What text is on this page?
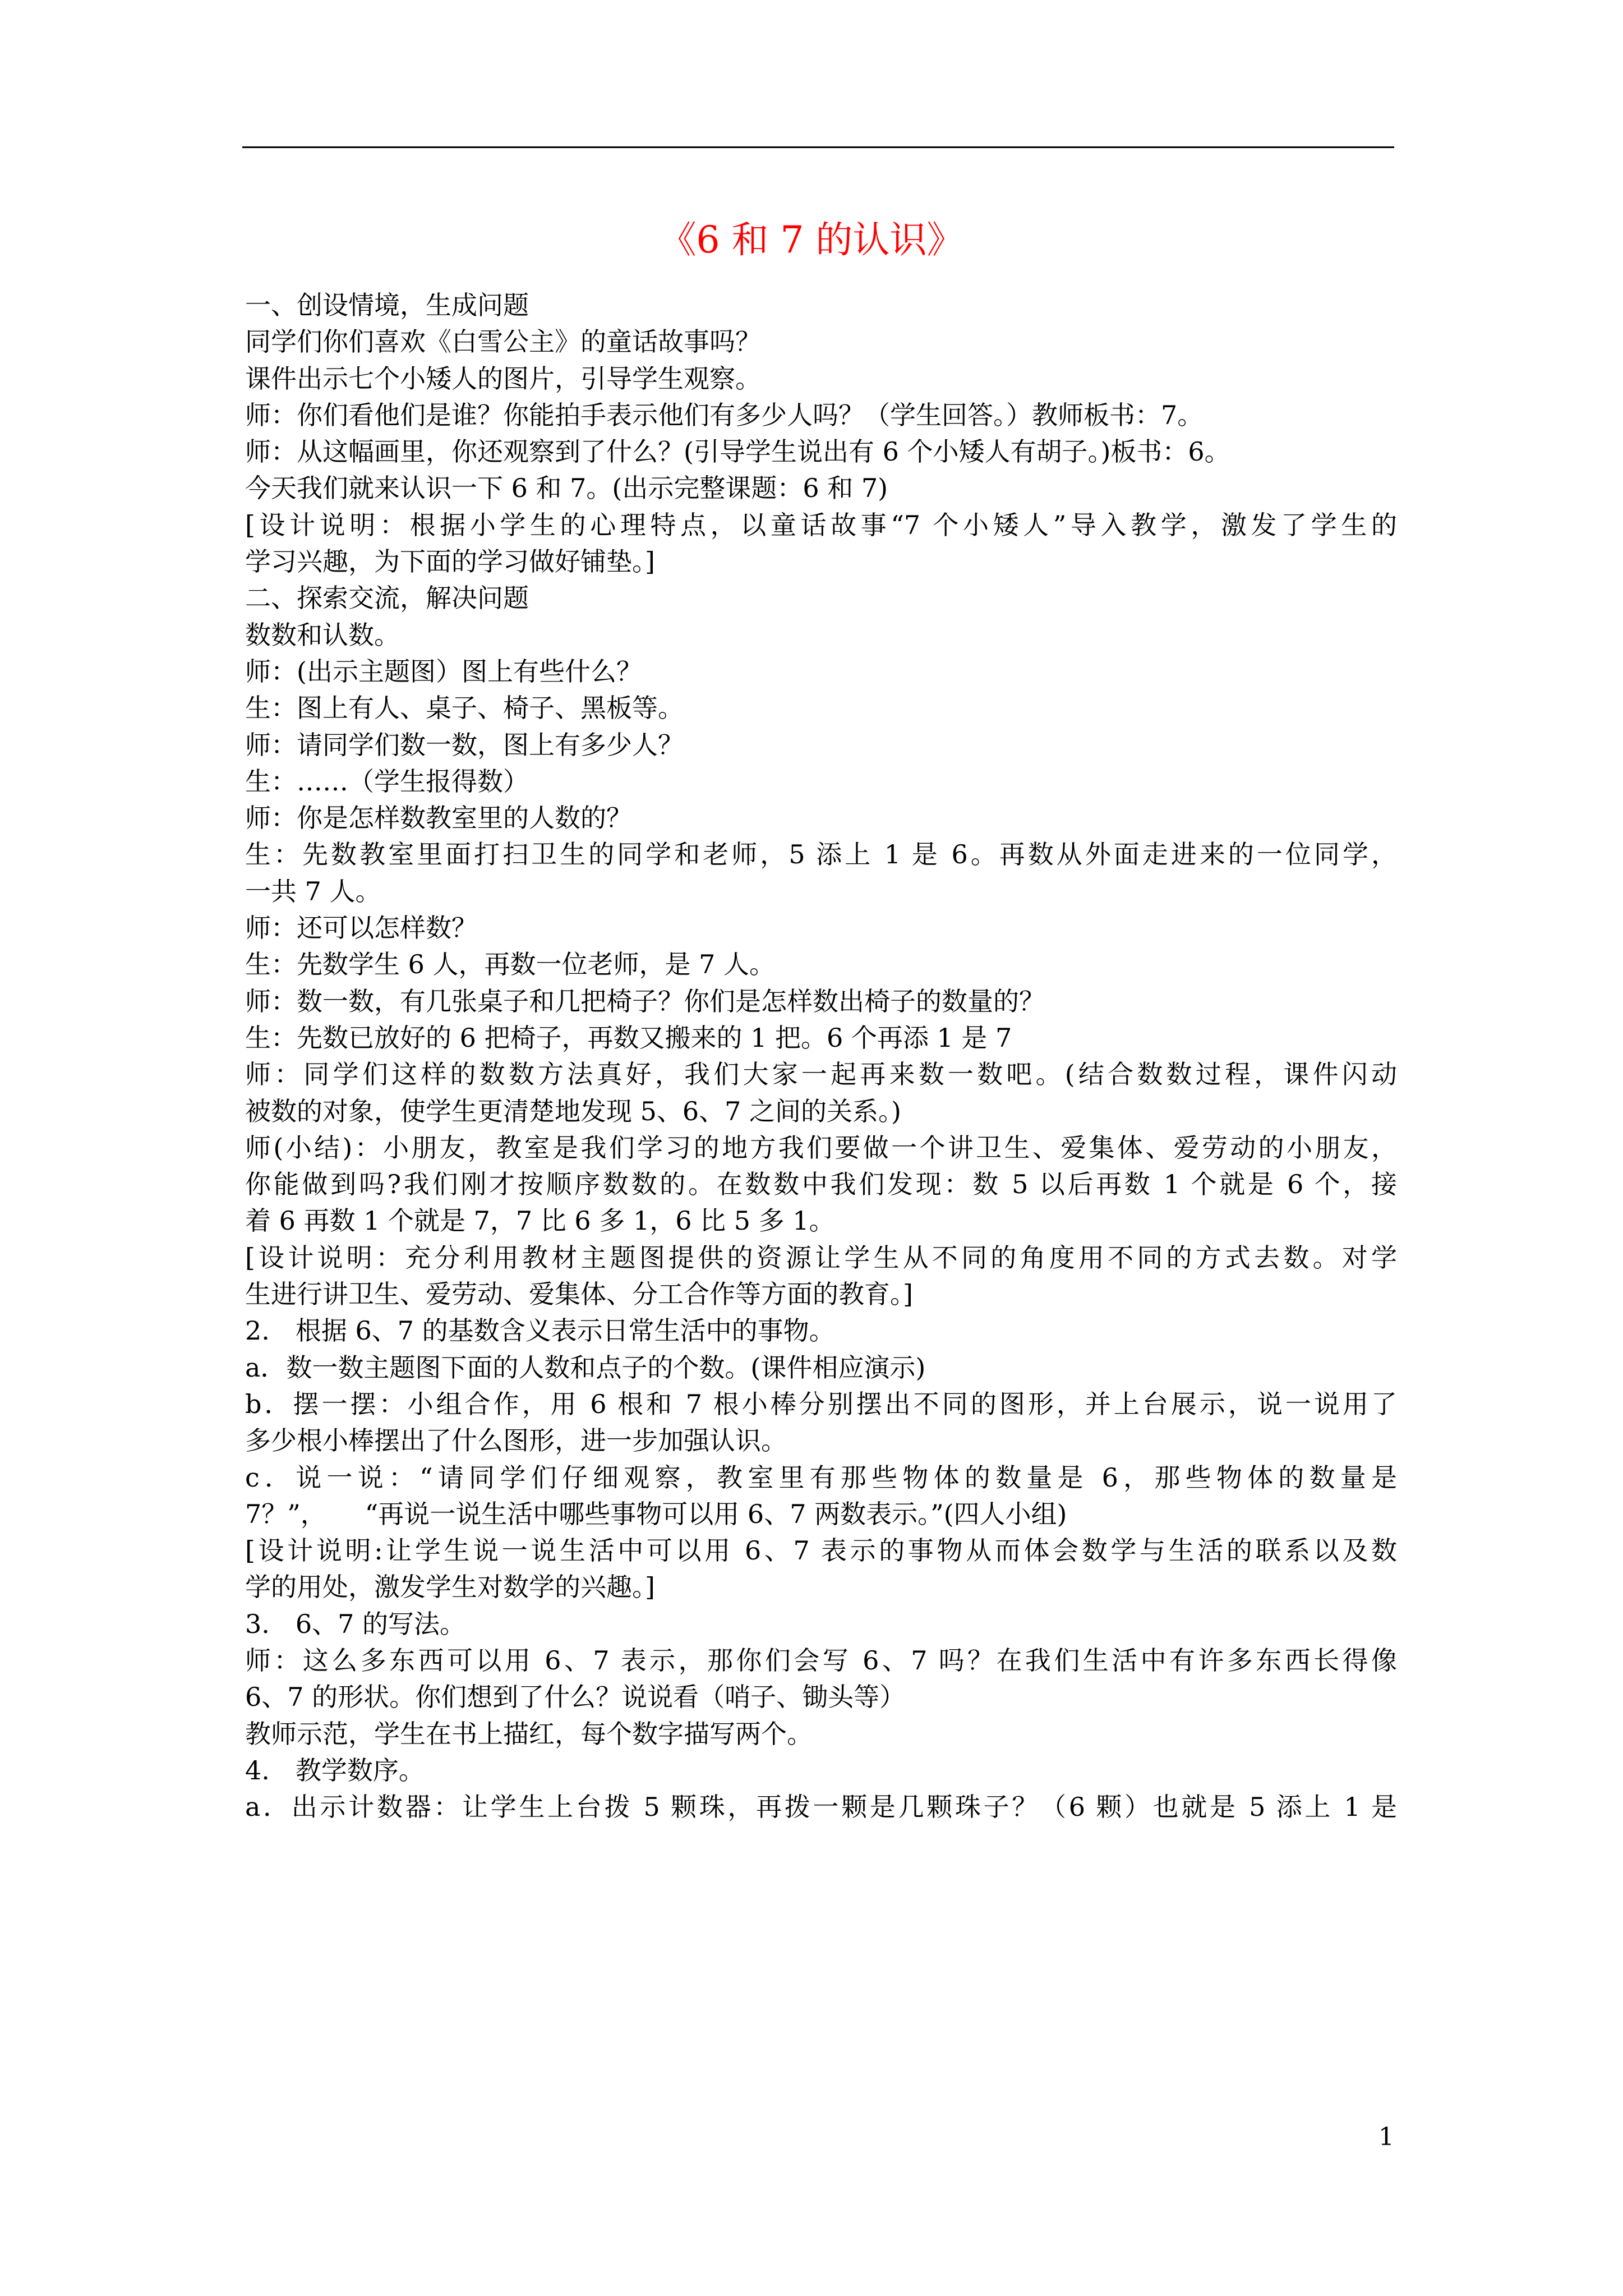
《6 和 7 的认识》
一、创设情境，生成问题
同学们你们喜欢《白雪公主》的童话故事吗？
课件出示七个小矮人的图片，引导学生观察。
师：你们看他们是谁？你能拍手表示他们有多少人吗？（学生回答。）教师板书：7。
师：从这幅画里，你还观察到了什么？(引导学生说出有 6 个小矮人有胡子。)板书：6。
今天我们就来认识一下 6 和 7。(出示完整课题：6 和 7)
[设计说明：根据小学生的心理特点，以童话故事“7 个小矮人”导入教学，激发了学生的
学习兴趣，为下面的学习做好铺垫。]
二、探索交流，解决问题
数数和认数。
师：(出示主题图）图上有些什么？
生：图上有人、桌子、椅子、黑板等。
师：请同学们数一数，图上有多少人？
生：……（学生报得数）
师：你是怎样数教室里的人数的？
生：先数教室里面打扫卫生的同学和老师，5 添上 1 是 6。再数从外面走进来的一位同学，
一共 7 人。
师：还可以怎样数？
生：先数学生 6 人，再数一位老师，是 7 人。
师：数一数，有几张桌子和几把椅子？你们是怎样数出椅子的数量的？
生：先数已放好的 6 把椅子，再数又搬来的 1 把。6 个再添 1 是 7
师：同学们这样的数数方法真好，我们大家一起再来数一数吧。(结合数数过程，课件闪动
被数的对象，使学生更清楚地发现 5、6、7 之间的关系。)
师(小结)：小朋友，教室是我们学习的地方我们要做一个讲卫生、爱集体、爱劳动的小朋友，
你能做到吗?我们刚才按顺序数数的。在数数中我们发现：数 5 以后再数 1 个就是 6 个，接
着 6 再数 1 个就是 7，7 比 6 多 1，6 比 5 多 1。
[设计说明：充分利用教材主题图提供的资源让学生从不同的角度用不同的方式去数。对学
生进行讲卫生、爱劳动、爱集体、分工合作等方面的教育。]
2.　根据 6、7 的基数含义表示日常生活中的事物。
a．数一数主题图下面的人数和点子的个数。(课件相应演示)
b．摆一摆：小组合作，用 6 根和 7 根小棒分别摆出不同的图形，并上台展示，说一说用了
多少根小棒摆出了什么图形，进一步加强认识。
c．说一说：“请同学们仔细观察，教室里有那些物体的数量是 6，那些物体的数量是
7？”，　　“再说一说生活中哪些事物可以用 6、7 两数表示。”(四人小组)
[设计说明:让学生说一说生活中可以用 6、7 表示的事物从而体会数学与生活的联系以及数
学的用处，激发学生对数学的兴趣。]
3.　6、7 的写法。
师：这么多东西可以用 6、7 表示，那你们会写 6、7 吗？在我们生活中有许多东西长得像
6、7 的形状。你们想到了什么？说说看（哨子、锄头等）
教师示范，学生在书上描红，每个数字描写两个。
4.　教学数序。
a．出示计数器：让学生上台拨 5 颗珠，再拨一颗是几颗珠子？（6 颗）也就是 5 添上 1 是
1
